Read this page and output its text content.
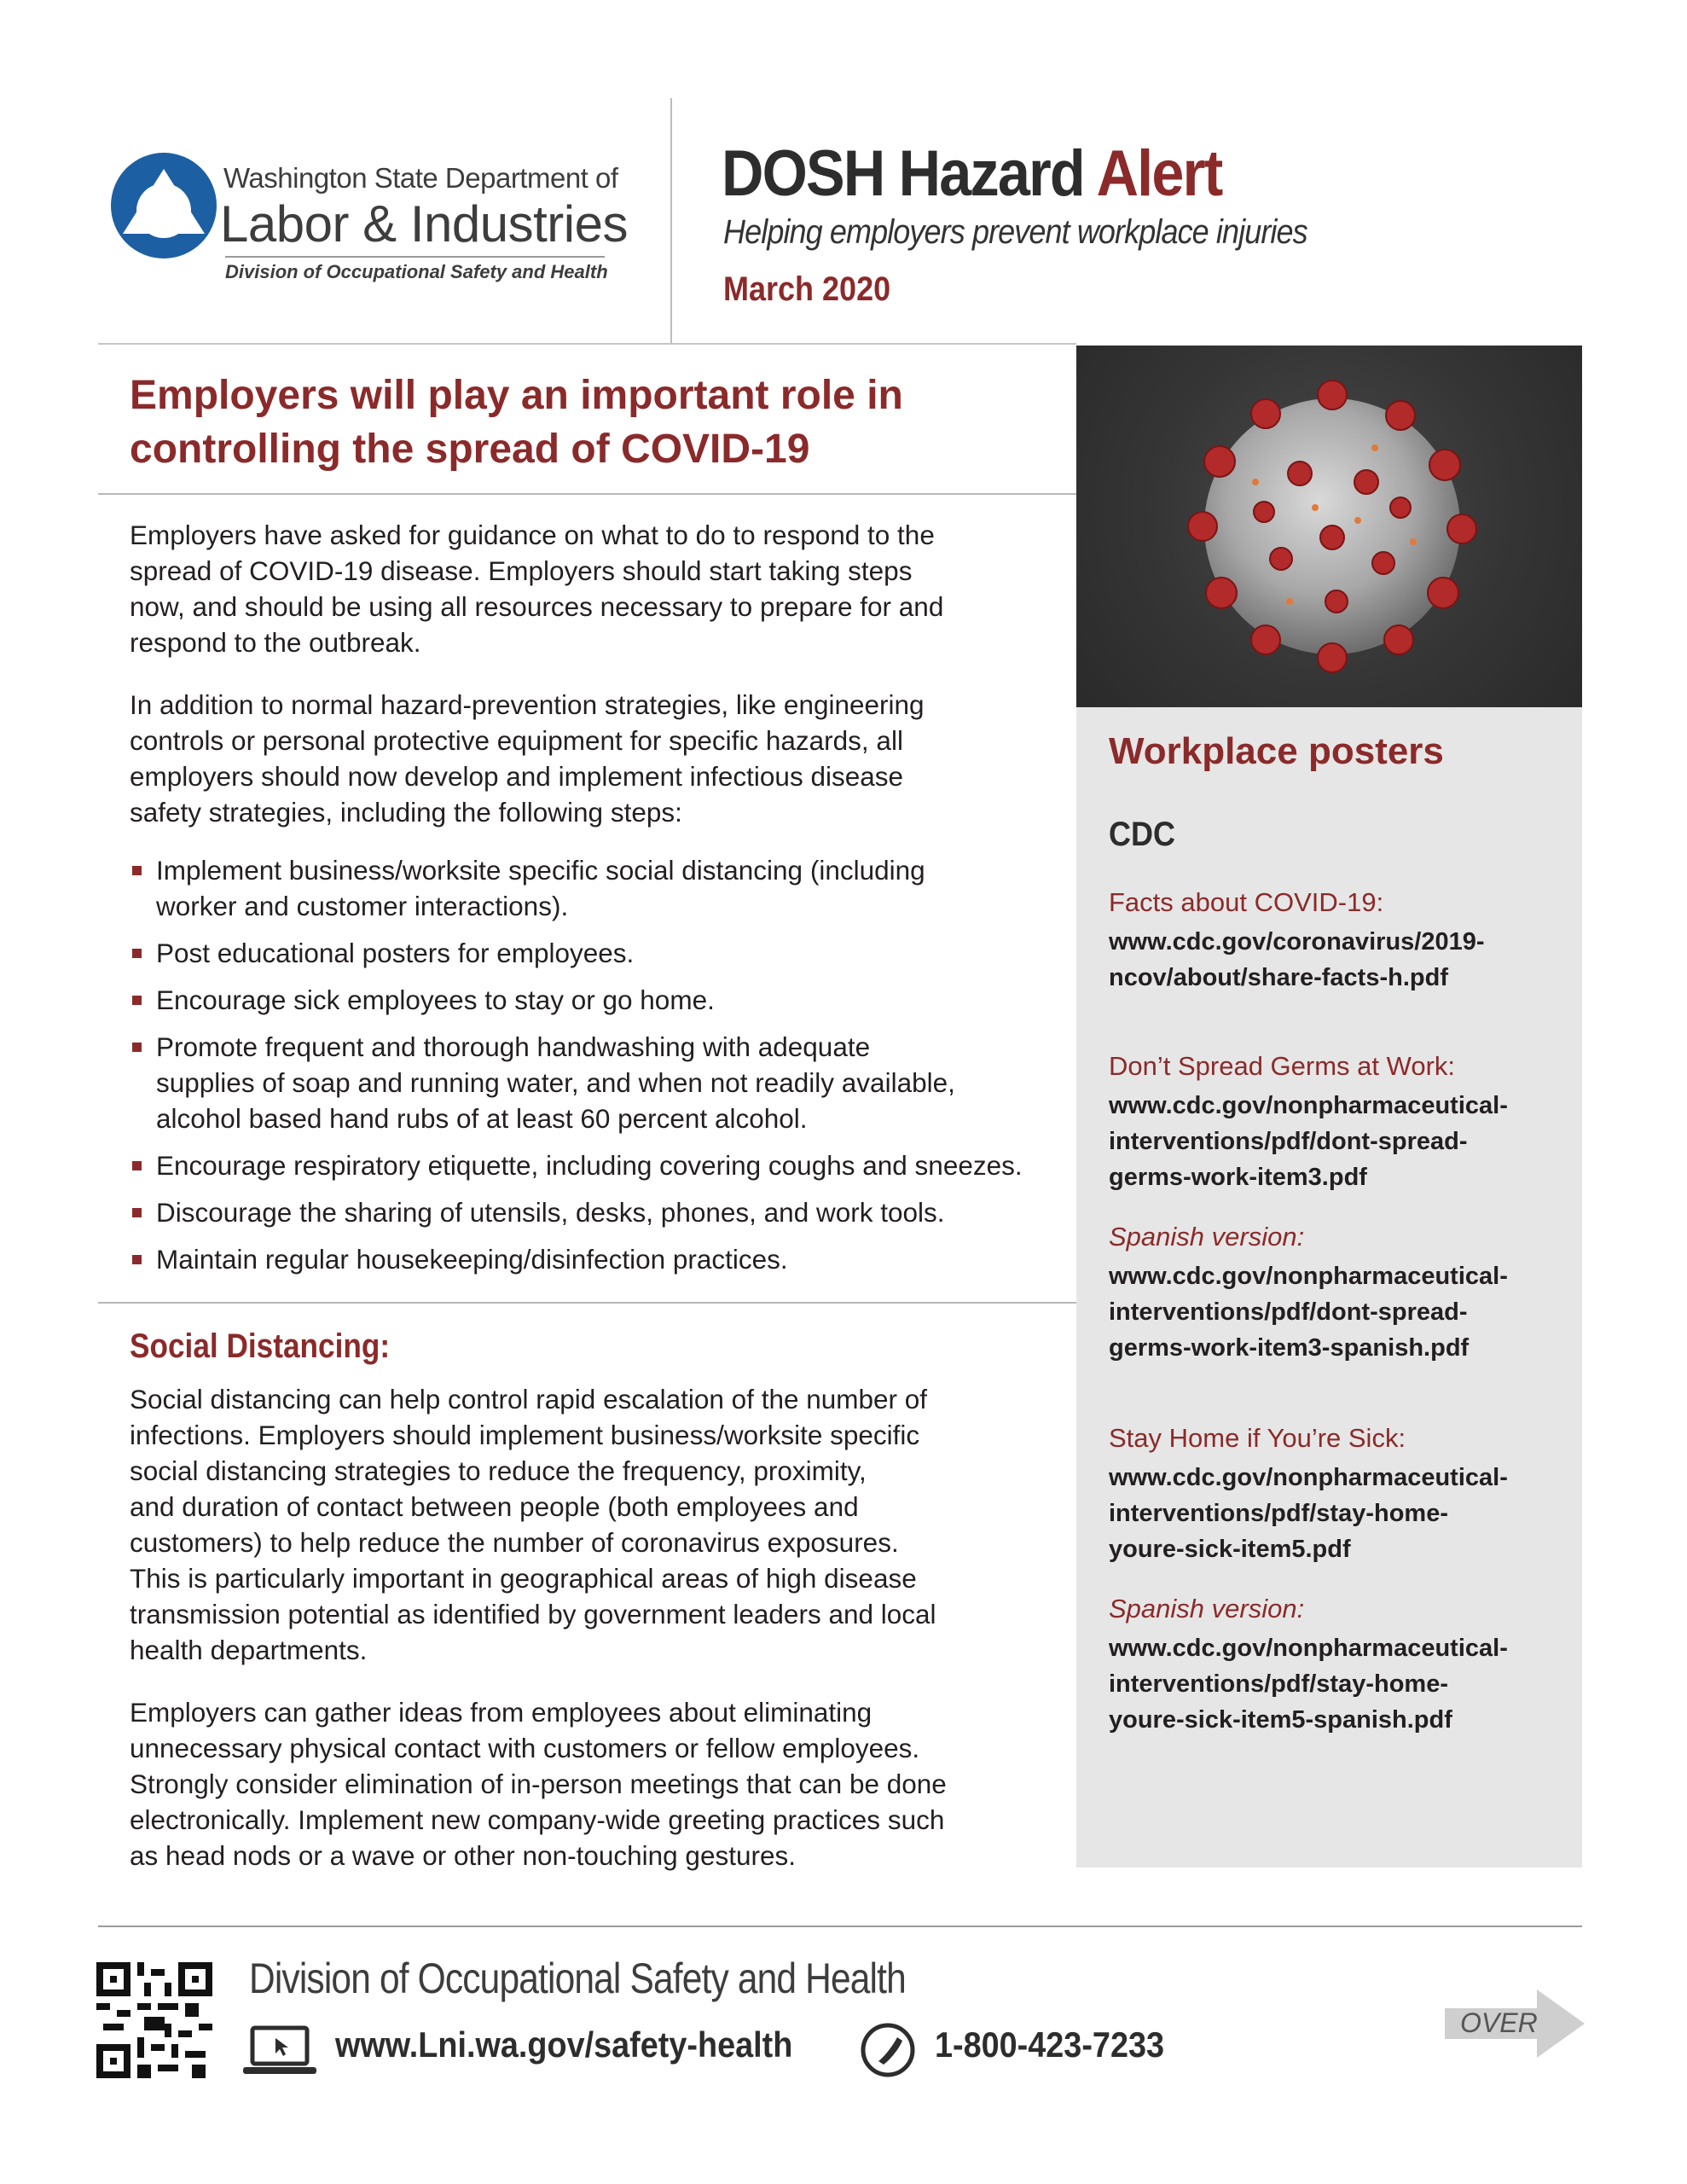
Washington State Department of
Labor & Industries
Division of Occupational Safety and Health
DOSH Hazard Alert
Helping employers prevent workplace injuries
March 2020
Employers will play an important role in
controlling the spread of COVID-19
Employers have asked for guidance on what to do to respond to the
spread of COVID-19 disease. Employers should start taking steps
now, and should be using all resources necessary to prepare for and
respond to the outbreak.
In addition to normal hazard-prevention strategies, like engineering
controls or personal protective equipment for specific hazards, all
employers should now develop and implement infectious disease
safety strategies, including the following steps:
Implement business/worksite specific social distancing (including
worker and customer interactions).
Post educational posters for employees.
Encourage sick employees to stay or go home.
Promote frequent and thorough handwashing with adequate
supplies of soap and running water, and when not readily available,
alcohol based hand rubs of at least 60 percent alcohol.
Encourage respiratory etiquette, including covering coughs and sneezes.
Discourage the sharing of utensils, desks, phones, and work tools.
Maintain regular housekeeping/disinfection practices.
Social Distancing:
Social distancing can help control rapid escalation of the number of
infections. Employers should implement business/worksite specific
social distancing strategies to reduce the frequency, proximity,
and duration of contact between people (both employees and
customers) to help reduce the number of coronavirus exposures.
This is particularly important in geographical areas of high disease
transmission potential as identified by government leaders and local
health departments.
Employers can gather ideas from employees about eliminating
unnecessary physical contact with customers or fellow employees.
Strongly consider elimination of in-person meetings that can be done
electronically. Implement new company-wide greeting practices such
as head nods or a wave or other non-touching gestures.
Workplace posters
CDC
Facts about COVID-19:
www.cdc.gov/coronavirus/2019-
ncov/about/share-facts-h.pdf
Don’t Spread Germs at Work:
www.cdc.gov/nonpharmaceutical-
interventions/pdf/dont-spread-
germs-work-item3.pdf
Spanish version:
www.cdc.gov/nonpharmaceutical-
interventions/pdf/dont-spread-
germs-work-item3-spanish.pdf
Stay Home if You’re Sick:
www.cdc.gov/nonpharmaceutical-
interventions/pdf/stay-home-
youre-sick-item5.pdf
Spanish version:
www.cdc.gov/nonpharmaceutical-
interventions/pdf/stay-home-
youre-sick-item5-spanish.pdf
Division of Occupational Safety and Health
www.Lni.wa.gov/safety-health	1-800-423-7233
OVER
